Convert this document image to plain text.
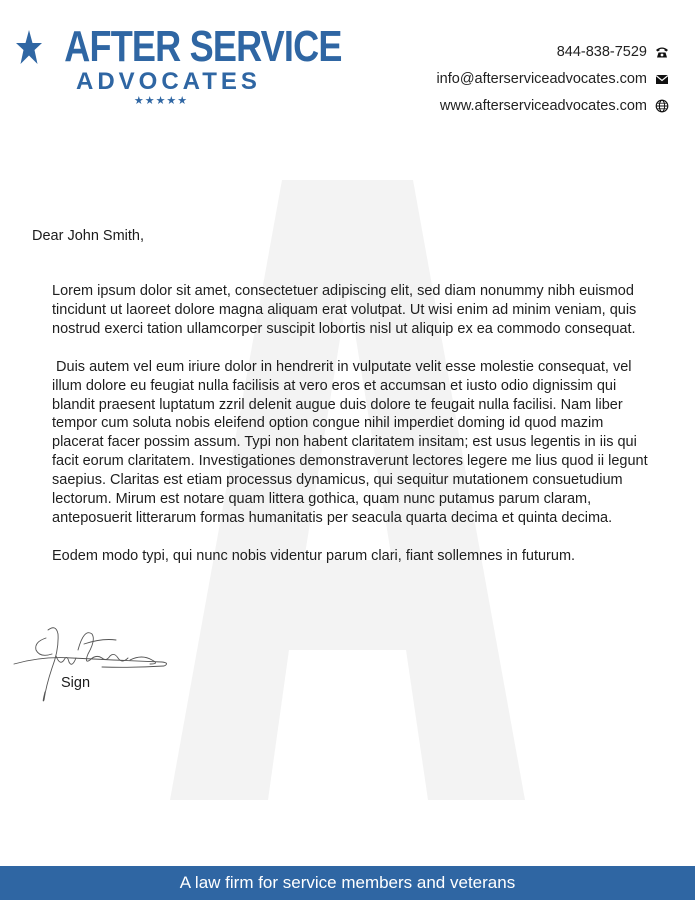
AFTER SERVICE
ADVOCATES
★★★★★
844-838-7529
info@afterserviceadvocates.com
www.afterserviceadvocates.com
Dear John Smith,

Lorem ipsum dolor sit amet, consectetuer adipiscing elit, sed diam nonummy nibh euismod tincidunt ut laoreet dolore magna aliquam erat volutpat. Ut wisi enim ad minim veniam, quis nostrud exerci tation ullamcorper suscipit lobortis nisl ut aliquip ex ea commodo consequat.

Duis autem vel eum iriure dolor in hendrerit in vulputate velit esse molestie consequat, vel illum dolore eu feugiat nulla facilisis at vero eros et accumsan et iusto odio dignissim qui blandit praesent luptatum zzril delenit augue duis dolore te feugait nulla facilisi. Nam liber tempor cum soluta nobis eleifend option congue nihil imperdiet doming id quod mazim placerat facer possim assum. Typi non habent claritatem insitam; est usus legentis in iis qui facit eorum claritatem. Investigationes demonstraverunt lectores legere me lius quod ii legunt saepius. Claritas est etiam processus dynamicus, qui sequitur mutationem consuetudium lectorum. Mirum est notare quam littera gothica, quam nunc putamus parum claram, anteposuerit litterarum formas humanitatis per seacula quarta decima et quinta decima.

Eodem modo typi, qui nunc nobis videntur parum clari, fiant sollemnes in futurum.

Sign
A law firm for service members and veterans
